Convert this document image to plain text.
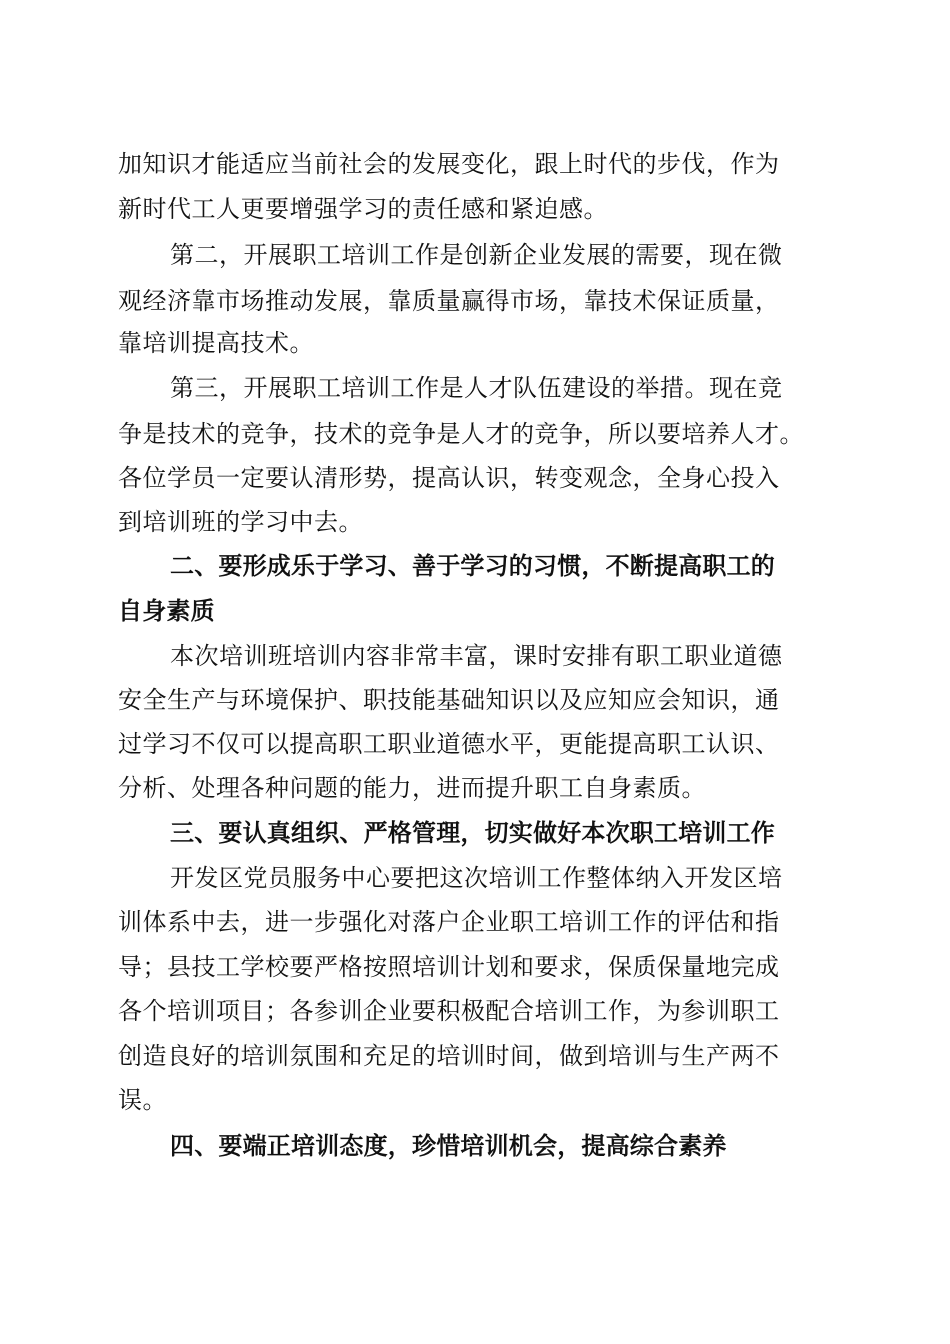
加知识才能适应当前社会的发展变化，跟上时代的步伐，作为
新时代工人更要增强学习的责任感和紧迫感。
第二，开展职工培训工作是创新企业发展的需要，现在微
观经济靠市场推动发展，靠质量赢得市场，靠技术保证质量，
靠培训提高技术。
第三，开展职工培训工作是人才队伍建设的举措。现在竞
争是技术的竞争，技术的竞争是人才的竞争，所以要培养人才。
各位学员一定要认清形势，提高认识，转变观念，全身心投入
到培训班的学习中去。
二、要形成乐于学习、善于学习的习惯，不断提高职工的
自身素质
本次培训班培训内容非常丰富，课时安排有职工职业道德
安全生产与环境保护、职技能基础知识以及应知应会知识，通
过学习不仅可以提高职工职业道德水平，更能提高职工认识、
分析、处理各种问题的能力，进而提升职工自身素质。
三、要认真组织、严格管理，切实做好本次职工培训工作
开发区党员服务中心要把这次培训工作整体纳入开发区培
训体系中去，进一步强化对落户企业职工培训工作的评估和指
导；县技工学校要严格按照培训计划和要求，保质保量地完成
各个培训项目；各参训企业要积极配合培训工作，为参训职工
创造良好的培训氛围和充足的培训时间，做到培训与生产两不
误。
四、要端正培训态度，珍惜培训机会，提高综合素养
